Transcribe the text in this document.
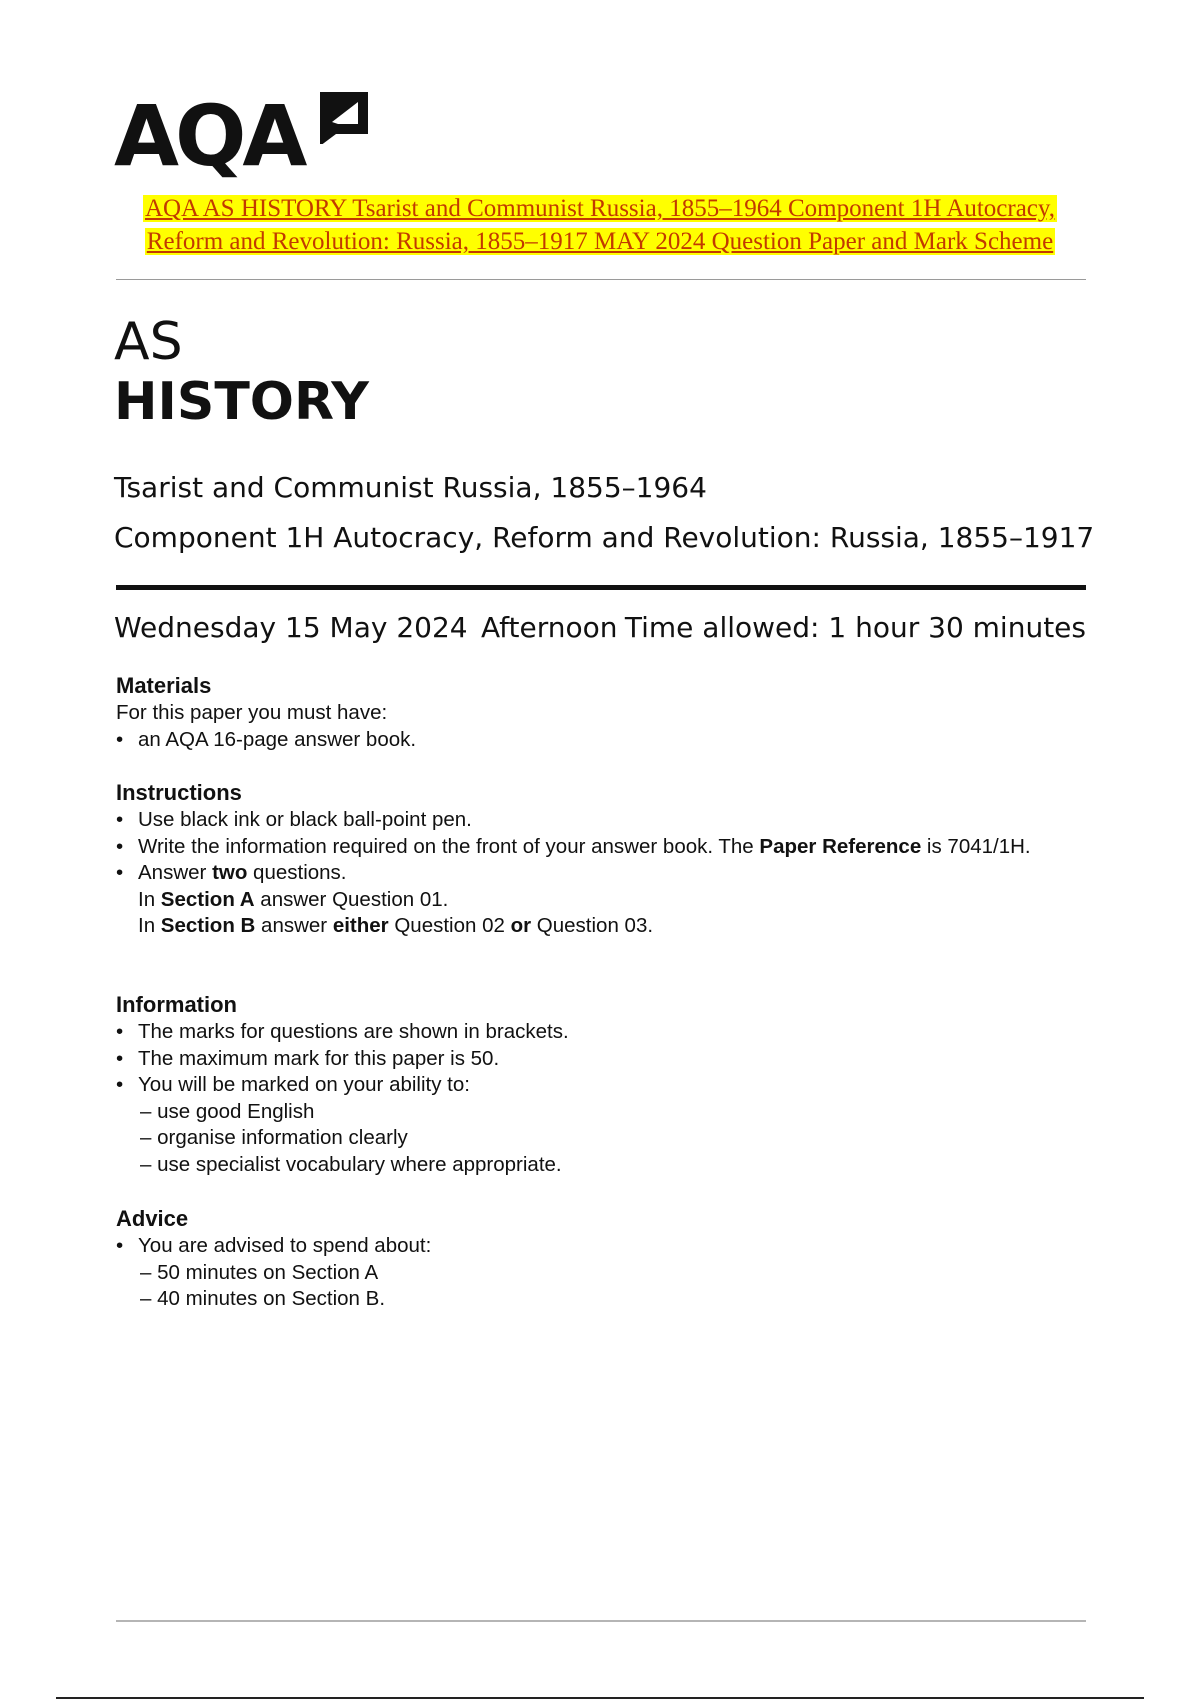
AQA
AQA AS HISTORY Tsarist and Communist Russia, 1855–1964 Component 1H Autocracy,
Reform and Revolution: Russia, 1855–1917 MAY 2024 Question Paper and Mark Scheme
AS
HISTORY
Tsarist and Communist Russia, 1855–1964
Component 1H Autocracy, Reform and Revolution: Russia, 1855–1917
Wednesday 15 May 2024 Afternoon Time allowed: 1 hour 30 minutes
Materials

For this paper you must have:

• an AQA 16-page answer book.
Instructions
• Use black ink or black ball-point pen.
• Write the information required on the front of your answer book. The Paper Reference is 7041/1H.
• Answer two questions.
In Section A answer Question 01.
In Section B answer either Question 02 or Question 03.
Information
• The marks for questions are shown in brackets.
• The maximum mark for this paper is 50.
• You will be marked on your ability to:
– use good English
– organise information clearly
– use specialist vocabulary where appropriate.
Advice
• You are advised to spend about:
– 50 minutes on Section A
– 40 minutes on Section B.
